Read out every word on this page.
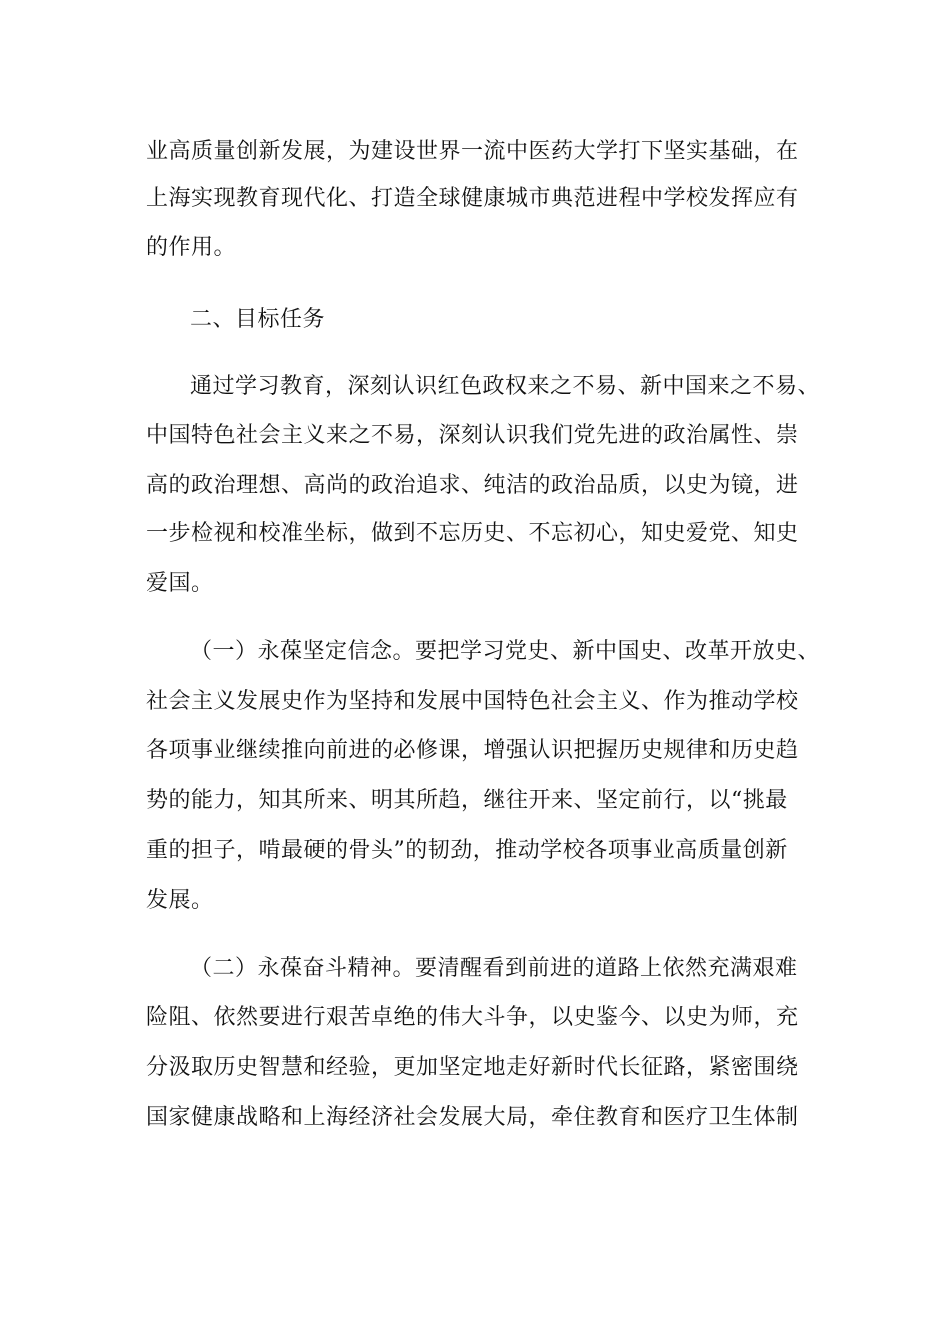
业高质量创新发展，为建设世界一流中医药大学打下坚实基础，在
上海实现教育现代化、打造全球健康城市典范进程中学校发挥应有
的作用。
二、目标任务
通过学习教育，深刻认识红色政权来之不易、新中国来之不易、
中国特色社会主义来之不易，深刻认识我们党先进的政治属性、崇
高的政治理想、高尚的政治追求、纯洁的政治品质，以史为镜，进
一步检视和校准坐标，做到不忘历史、不忘初心，知史爱党、知史
爱国。
（一）永葆坚定信念。要把学习党史、新中国史、改革开放史、
社会主义发展史作为坚持和发展中国特色社会主义、作为推动学校
各项事业继续推向前进的必修课，增强认识把握历史规律和历史趋
势的能力，知其所来、明其所趋，继往开来、坚定前行，以“挑最
重的担子，啃最硬的骨头”的韧劲，推动学校各项事业高质量创新
发展。
（二）永葆奋斗精神。要清醒看到前进的道路上依然充满艰难
险阻、依然要进行艰苦卓绝的伟大斗争，以史鉴今、以史为师，充
分汲取历史智慧和经验，更加坚定地走好新时代长征路，紧密围绕
国家健康战略和上海经济社会发展大局，牵住教育和医疗卫生体制
